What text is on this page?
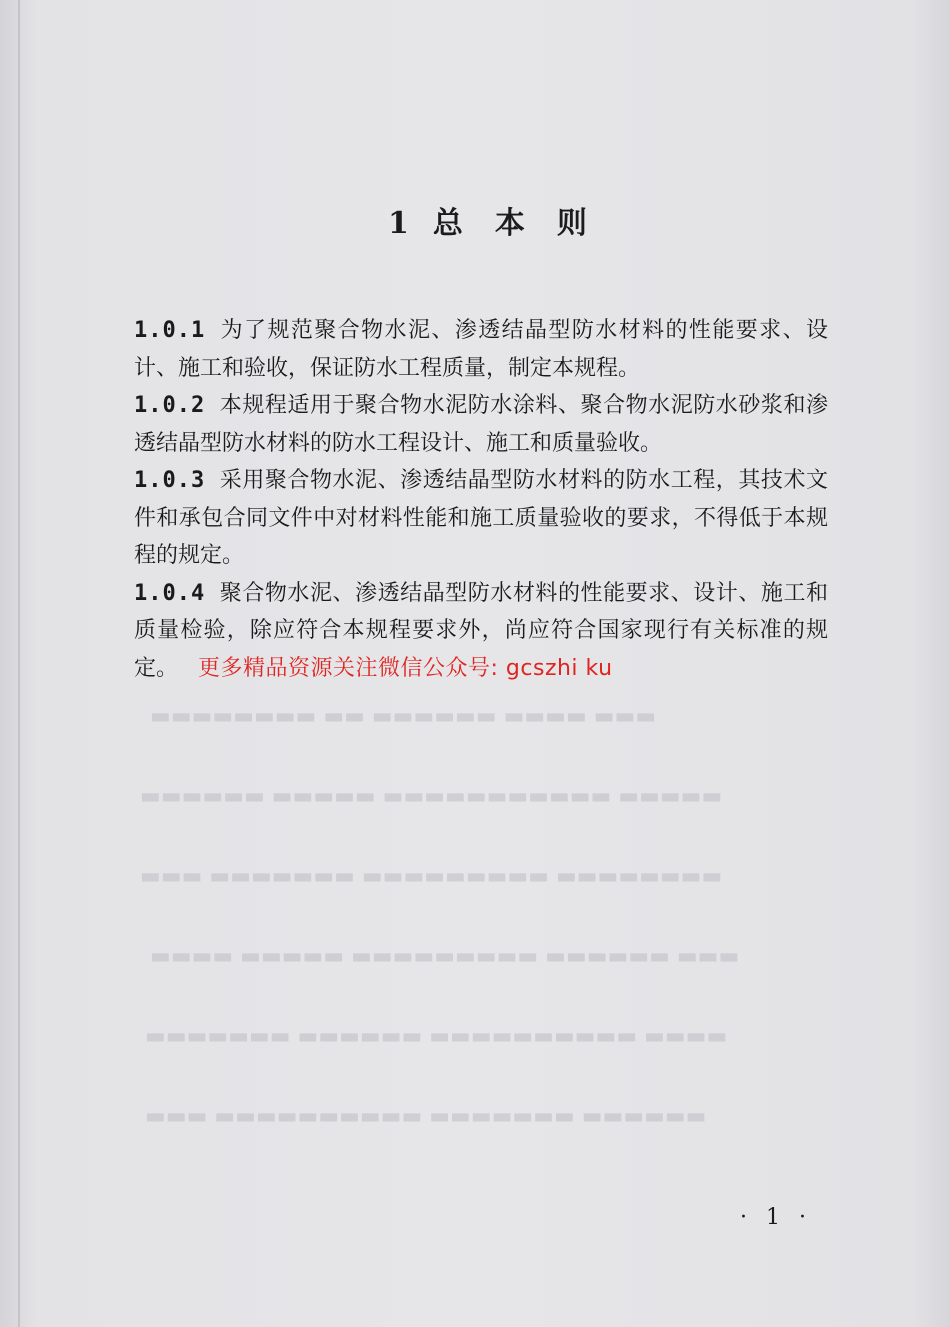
▬▬▬ ▬▬▬▬ ▬▬▬▬▬▬ ▬▬ ▬▬▬▬▬▬▬▬
▬▬▬▬▬ ▬▬▬▬▬▬▬▬▬▬▬ ▬▬▬▬▬ ▬▬▬▬▬▬
▬▬▬▬▬▬▬▬ ▬▬▬▬▬▬▬▬▬ ▬▬▬▬▬▬▬ ▬▬▬
▬▬▬ ▬▬▬▬▬▬ ▬▬▬▬▬▬▬▬▬ ▬▬▬▬▬ ▬▬▬▬
▬▬▬▬ ▬▬▬▬▬▬▬▬▬▬ ▬▬▬▬▬▬ ▬▬▬▬▬▬▬
▬▬▬▬▬▬ ▬▬▬▬▬▬▬ ▬▬▬▬▬▬▬▬▬▬ ▬▬▬
1 总 本 则

1.0.1 为了规范聚合物水泥、渗透结晶型防水材料的性能要求、设计、施工和验收，保证防水工程质量，制定本规程。

1.0.2 本规程适用于聚合物水泥防水涂料、聚合物水泥防水砂浆和渗透结晶型防水材料的防水工程设计、施工和质量验收。

1.0.3 采用聚合物水泥、渗透结晶型防水材料的防水工程，其技术文件和承包合同文件中对材料性能和施工质量验收的要求，不得低于本规程的规定。

1.0.4 聚合物水泥、渗透结晶型防水材料的性能要求、设计、施工和质量检验，除应符合本规程要求外，尚应符合国家现行有关标准的规定。 更多精品资源关注微信公众号: gcszhi ku

· 1 ·
